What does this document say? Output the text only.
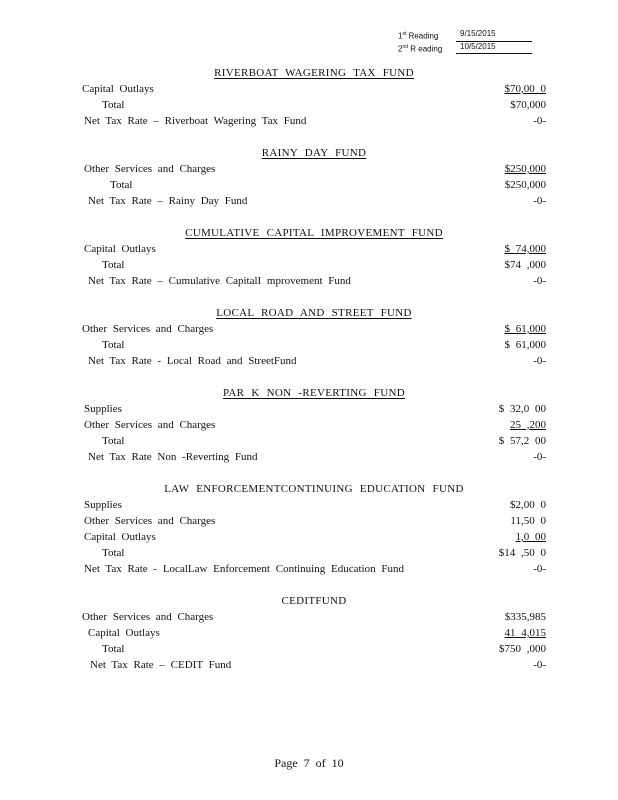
1st Reading	9/15/2015
2nd R eading	10/5/2015
RIVERBOAT WAGERING TAX FUND
Capital Outlays	$70,00 0
Total	$70,000
Net Tax Rate – Riverboat Wagering Tax Fund	-0-
RAINY DAY FUND
Other Services and Charges	$250,000
Total	$250,000
Net Tax Rate – Rainy Day Fund	-0-
CUMULATIVE CAPITAL IMPROVEMENT FUND
Capital Outlays	$ 74,000
Total	$74 ,000
Net Tax Rate – Cumulative CapitalI mprovement Fund	-0-
LOCAL ROAD AND STREET FUND
Other Services and Charges	$ 61,000
Total	$ 61,000
Net Tax Rate - Local Road and StreetFund	-0-
PAR K NON -REVERTING FUND
Supplies	$ 32,0 00
Other Services and Charges	25 ,200
Total	$ 57,2 00
Net Tax Rate Non -Reverting Fund	-0-
LAW ENFORCEMENTCONTINUING EDUCATION FUND
Supplies	$2,00 0
Other Services and Charges	11,50 0
Capital Outlays	1,0 00
Total	$14 ,50 0
Net Tax Rate - LocalLaw Enforcement Continuing Education Fund	-0-
CEDITFUND
Other Services and Charges	$335,985
Capital Outlays	41 4,015
Total	$750 ,000
Net Tax Rate – CEDIT Fund	-0-
Page 7 of 10
